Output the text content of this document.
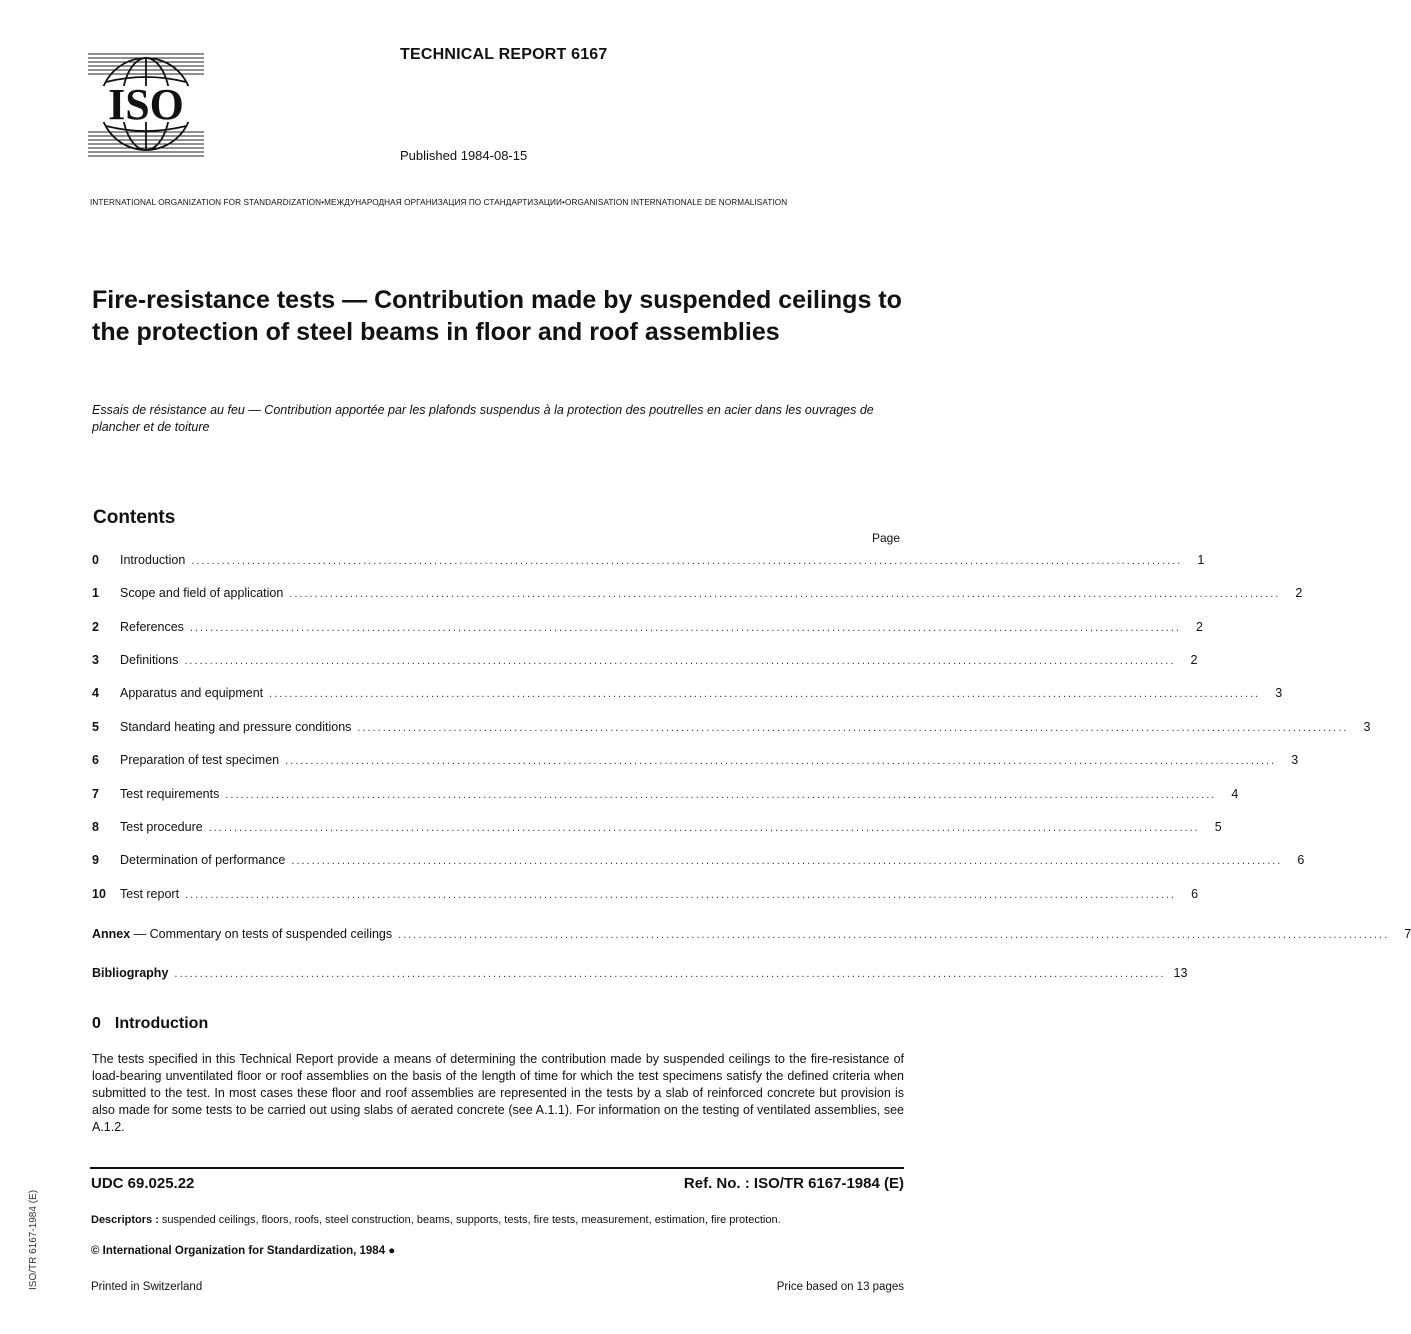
ISO
TECHNICAL REPORT 6167
Published 1984-08-15
INTERNATIONAL ORGANIZATION FOR STANDARDIZATION•МЕЖДУНАРОДНАЯ ОРГАНИЗАЦИЯ ПО СТАНДАРТИЗАЦИИ•ORGANISATION INTERNATIONALE DE NORMALISATION
Fire-resistance tests — Contribution made by suspended ceilings to the protection of steel beams in floor and roof assemblies
Essais de résistance au feu — Contribution apportée par les plafonds suspendus à la protection des poutrelles en acier dans les ouvrages de plancher et de toiture
Contents
Page
0	Introduction ....................................................................................................................................................................................................	1
1	Scope and field of application ....................................................................................................................................................................................................	2
2	References ....................................................................................................................................................................................................	2
3	Definitions ....................................................................................................................................................................................................	2
4	Apparatus and equipment ....................................................................................................................................................................................................	3
5	Standard heating and pressure conditions ....................................................................................................................................................................................................	3
6	Preparation of test specimen ....................................................................................................................................................................................................	3
7	Test requirements ....................................................................................................................................................................................................	4
8	Test procedure ....................................................................................................................................................................................................	5
9	Determination of performance ....................................................................................................................................................................................................	6
10	Test report ....................................................................................................................................................................................................	6
Annex — Commentary on tests of suspended ceilings ....................................................................................................................................................................................................	7
Bibliography .................................................................................................................................................................................................... 13
0 Introduction
The tests specified in this Technical Report provide a means of determining the contribution made by suspended ceilings to the fire-resistance of load-bearing unventilated floor or roof assemblies on the basis of the length of time for which the test specimens satisfy the defined criteria when submitted to the test. In most cases these floor and roof assemblies are represented in the tests by a slab of reinforced concrete but provision is also made for some tests to be carried out using slabs of aerated concrete (see A.1.1). For information on the testing of ventilated assemblies, see A.1.2.
UDC 69.025.22	Ref. No. : ISO/TR 6167-1984 (E)
Descriptors : suspended ceilings, floors, roofs, steel construction, beams, supports, tests, fire tests, measurement, estimation, fire protection.
© International Organization for Standardization, 1984 ●
Printed in Switzerland	Price based on 13 pages
ISO/TR 6167-1984 (E)
